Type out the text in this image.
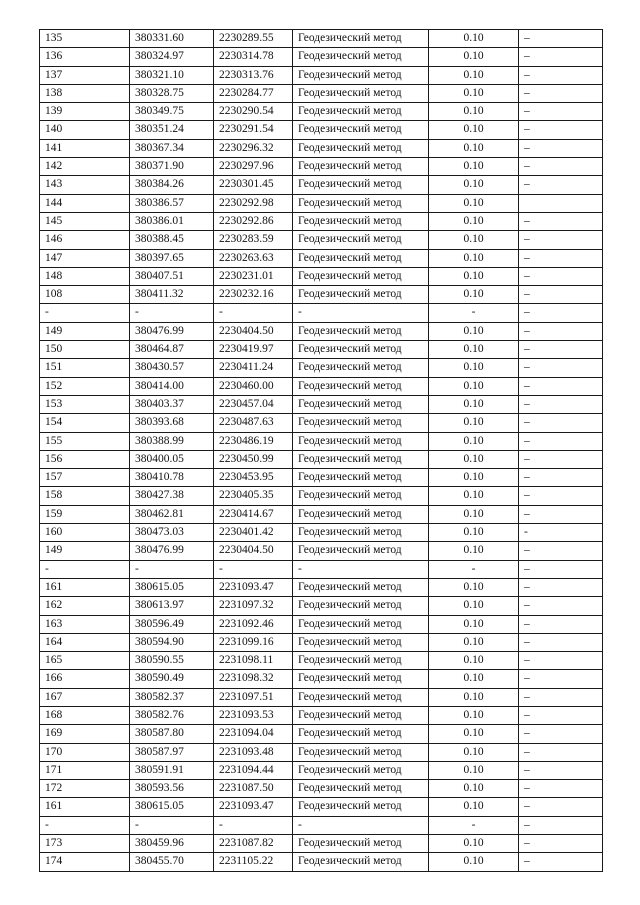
135	380331.60	2230289.55	Геодезический метод	0.10	–
136	380324.97	2230314.78	Геодезический метод	0.10	–
137	380321.10	2230313.76	Геодезический метод	0.10	–
138	380328.75	2230284.77	Геодезический метод	0.10	–
139	380349.75	2230290.54	Геодезический метод	0.10	–
140	380351.24	2230291.54	Геодезический метод	0.10	–
141	380367.34	2230296.32	Геодезический метод	0.10	–
142	380371.90	2230297.96	Геодезический метод	0.10	–
143	380384.26	2230301.45	Геодезический метод	0.10	–
144	380386.57	2230292.98	Геодезический метод	0.10	
145	380386.01	2230292.86	Геодезический метод	0.10	–
146	380388.45	2230283.59	Геодезический метод	0.10	–
147	380397.65	2230263.63	Геодезический метод	0.10	–
148	380407.51	2230231.01	Геодезический метод	0.10	–
108	380411.32	2230232.16	Геодезический метод	0.10	–
-	-	-	-	-	–
149	380476.99	2230404.50	Геодезический метод	0.10	–
150	380464.87	2230419.97	Геодезический метод	0.10	–
151	380430.57	2230411.24	Геодезический метод	0.10	–
152	380414.00	2230460.00	Геодезический метод	0.10	–
153	380403.37	2230457.04	Геодезический метод	0.10	–
154	380393.68	2230487.63	Геодезический метод	0.10	–
155	380388.99	2230486.19	Геодезический метод	0.10	–
156	380400.05	2230450.99	Геодезический метод	0.10	–
157	380410.78	2230453.95	Геодезический метод	0.10	–
158	380427.38	2230405.35	Геодезический метод	0.10	–
159	380462.81	2230414.67	Геодезический метод	0.10	–
160	380473.03	2230401.42	Геодезический метод	0.10	-
149	380476.99	2230404.50	Геодезический метод	0.10	–
-	-	-	-	-	–
161	380615.05	2231093.47	Геодезический метод	0.10	–
162	380613.97	2231097.32	Геодезический метод	0.10	–
163	380596.49	2231092.46	Геодезический метод	0.10	–
164	380594.90	2231099.16	Геодезический метод	0.10	–
165	380590.55	2231098.11	Геодезический метод	0.10	–
166	380590.49	2231098.32	Геодезический метод	0.10	–
167	380582.37	2231097.51	Геодезический метод	0.10	–
168	380582.76	2231093.53	Геодезический метод	0.10	–
169	380587.80	2231094.04	Геодезический метод	0.10	–
170	380587.97	2231093.48	Геодезический метод	0.10	–
171	380591.91	2231094.44	Геодезический метод	0.10	–
172	380593.56	2231087.50	Геодезический метод	0.10	–
161	380615.05	2231093.47	Геодезический метод	0.10	–
-	-	-	-	-	–
173	380459.96	2231087.82	Геодезический метод	0.10	–
174	380455.70	2231105.22	Геодезический метод	0.10	–
